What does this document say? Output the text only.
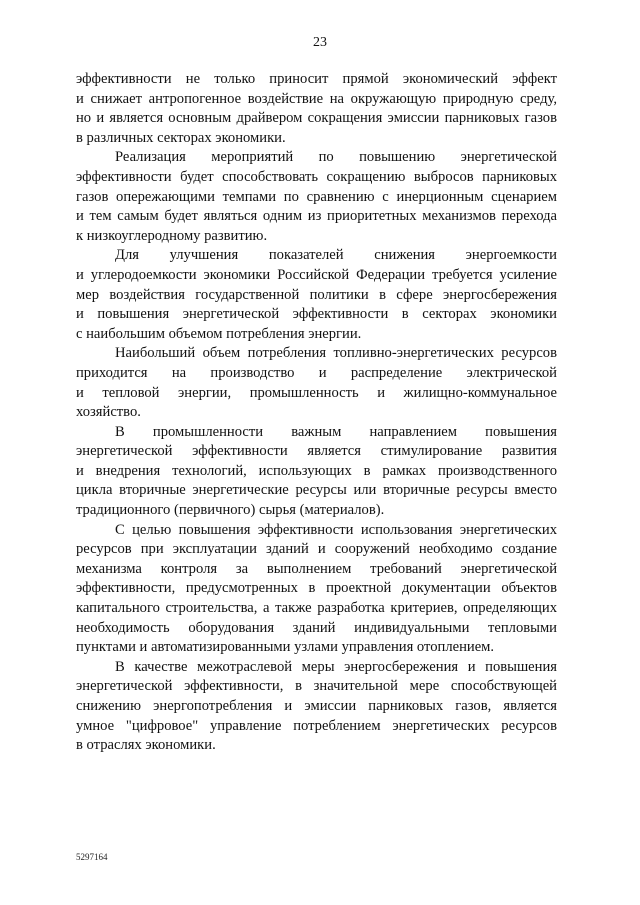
23

эффективности не только приносит прямой экономический эффект
и снижает антропогенное воздействие на окружающую природную среду,
но и является основным драйвером сокращения эмиссии парниковых газов
в различных секторах экономики.

Реализация мероприятий по повышению энергетической
эффективности будет способствовать сокращению выбросов парниковых
газов опережающими темпами по сравнению с инерционным сценарием
и тем самым будет являться одним из приоритетных механизмов перехода
к низкоуглеродному развитию.

Для улучшения показателей снижения энергоемкости
и углеродоемкости экономики Российской Федерации требуется усиление
мер воздействия государственной политики в сфере энергосбережения
и повышения энергетической эффективности в секторах экономики
с наибольшим объемом потребления энергии.

Наибольший объем потребления топливно-энергетических ресурсов
приходится на производство и распределение электрической
и тепловой энергии, промышленность и жилищно-коммунальное
хозяйство.

В промышленности важным направлением повышения
энергетической эффективности является стимулирование развития
и внедрения технологий, использующих в рамках производственного
цикла вторичные энергетические ресурсы или вторичные ресурсы вместо
традиционного (первичного) сырья (материалов).

С целью повышения эффективности использования энергетических
ресурсов при эксплуатации зданий и сооружений необходимо создание
механизма контроля за выполнением требований энергетической
эффективности, предусмотренных в проектной документации объектов
капитального строительства, а также разработка критериев, определяющих
необходимость оборудования зданий индивидуальными тепловыми
пунктами и автоматизированными узлами управления отоплением.

В качестве межотраслевой меры энергосбережения и повышения
энергетической эффективности, в значительной мере способствующей
снижению энергопотребления и эмиссии парниковых газов, является
умное "цифровое" управление потреблением энергетических ресурсов
в отраслях экономики.

5297164
